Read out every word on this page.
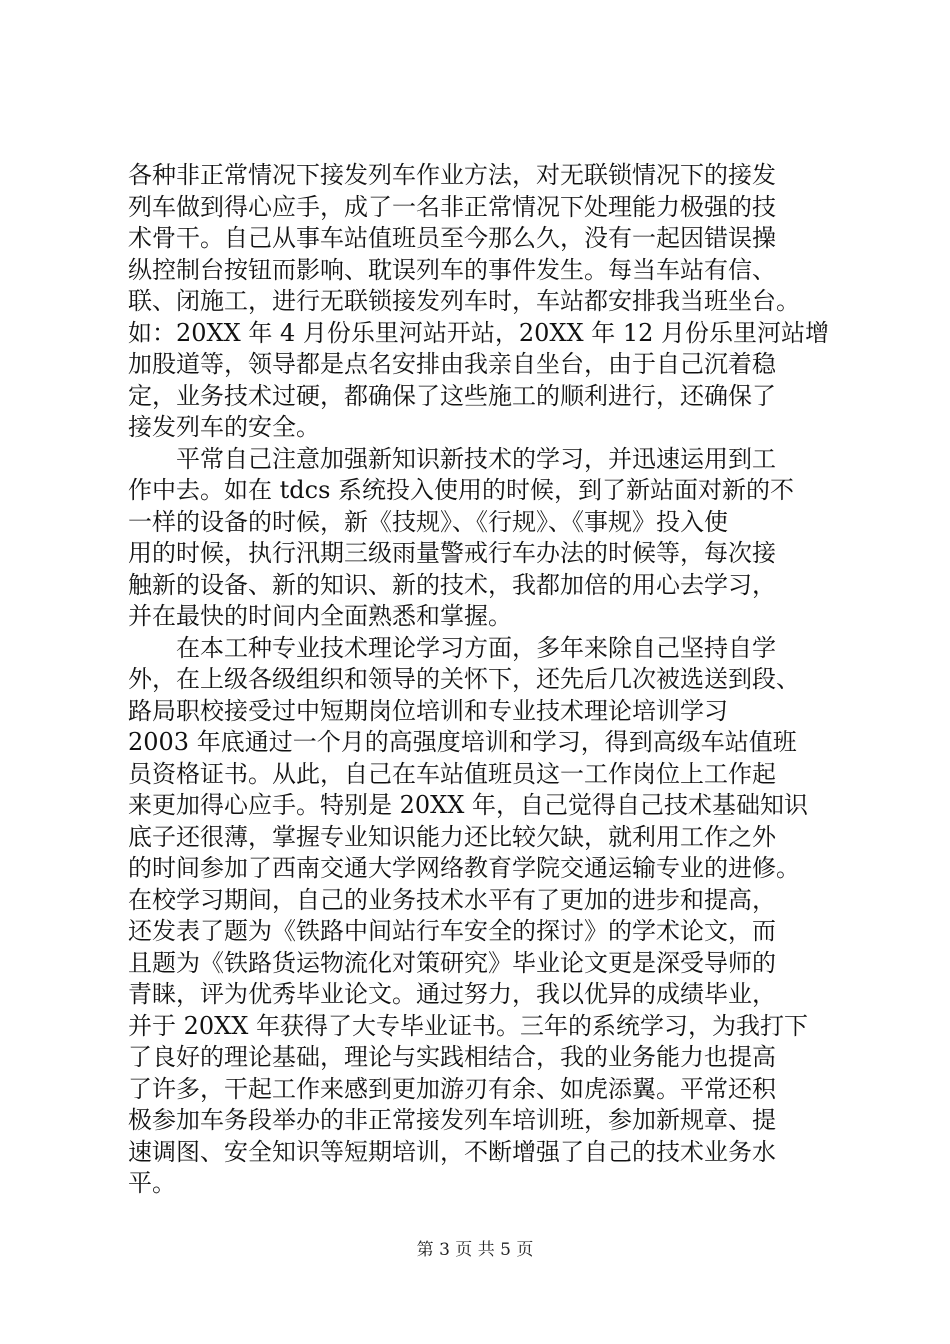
各种非正常情况下接发列车作业方法，对无联锁情况下的接发
列车做到得心应手，成了一名非正常情况下处理能力极强的技
术骨干。自己从事车站值班员至今那么久，没有一起因错误操
纵控制台按钮而影响、耽误列车的事件发生。每当车站有信、
联、闭施工，进行无联锁接发列车时，车站都安排我当班坐台。
如：20XX 年 4 月份乐里河站开站，20XX 年 12 月份乐里河站增
加股道等，领导都是点名安排由我亲自坐台，由于自己沉着稳
定，业务技术过硬，都确保了这些施工的顺利进行，还确保了
接发列车的安全。
　　平常自己注意加强新知识新技术的学习，并迅速运用到工
作中去。如在 tdcs 系统投入使用的时候，到了新站面对新的不
一样的设备的时候，新《技规》、《行规》、《事规》投入使
用的时候，执行汛期三级雨量警戒行车办法的时候等，每次接
触新的设备、新的知识、新的技术，我都加倍的用心去学习，
并在最快的时间内全面熟悉和掌握。
　　在本工种专业技术理论学习方面，多年来除自己坚持自学
外，在上级各级组织和领导的关怀下，还先后几次被选送到段、
路局职校接受过中短期岗位培训和专业技术理论培训学习
2003 年底通过一个月的高强度培训和学习，得到高级车站值班
员资格证书。从此，自己在车站值班员这一工作岗位上工作起
来更加得心应手。特别是 20XX 年，自己觉得自己技术基础知识
底子还很薄，掌握专业知识能力还比较欠缺，就利用工作之外
的时间参加了西南交通大学网络教育学院交通运输专业的进修。
在校学习期间，自己的业务技术水平有了更加的进步和提高，
还发表了题为《铁路中间站行车安全的探讨》的学术论文，而
且题为《铁路货运物流化对策研究》毕业论文更是深受导师的
青睐，评为优秀毕业论文。通过努力，我以优异的成绩毕业，
并于 20XX 年获得了大专毕业证书。三年的系统学习，为我打下
了良好的理论基础，理论与实践相结合，我的业务能力也提高
了许多，干起工作来感到更加游刃有余、如虎添翼。平常还积
极参加车务段举办的非正常接发列车培训班，参加新规章、提
速调图、安全知识等短期培训，不断增强了自己的技术业务水
平。
第 3 页 共 5 页
